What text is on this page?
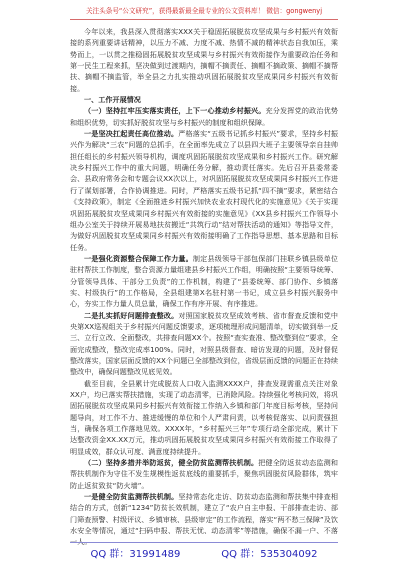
关注头条号“公文研究”，获得最新最全最专业的公文资料库！ 微信：gongwenyj

今年以来，我县深入贯彻落实XXX关于稳固拓展脱贫攻坚成果与乡村振兴有效衔接的系列重要讲话精神，以压力不减、力度不减、热情不减的精神状态自我加压，乘势而上，一以贯之推稳固拓展脱贫攻坚成果与乡村振兴有效衔接作为重要政治任务和第一民生工程来抓，坚决做到过渡期内，摘帽不摘责任、摘帽不摘政策、摘帽不摘帮扶、摘帽不摘监管，举全县之力扎实推动巩固拓展脱贫攻坚成果同乡村振兴有效衔接。

一、工作开展情况

（一）坚持扛牢压实落实责任，上下一心推动乡村振兴。充分发挥党的政治优势和组织优势，切实抓好脱贫攻坚与乡村振兴的制度和组织保障。

一是坚决扛起责任高位推动。严格落实“五级书记抓乡村振兴”要求，坚持乡村振兴作为解决“三农”问题的总抓手，在全面率先成立了以县四大班子主要领导亲自挂帅担任组长的乡村振兴领导机构，调度巩固拓展脱贫攻坚成果和乡村振兴工作。研究解决乡村振兴工作中的重大问题，明确任务分解，推动责任落实。先后召开县委常委会、县政府常务会和专题会议XX次以上，对巩固拓展脱贫攻坚成果同乡村振兴工作进行了谋划部署，合作协调推进。同时，严格落实五级书记抓“四不摘”要求，紧密结合《支持政策》，制定《全面推进乡村振兴加快农业农村现代化的实施意见》《关于实现巩固拓展脱贫攻坚成果同乡村振兴有效衔接的实施意见》《XX县乡村振兴工作领导小组办公室关于持续开展易地扶贫搬迁“共筑行动”结对帮扶活动的通知》等指导文件，为做好巩固脱贫攻坚成果同乡村振兴有效衔接明确了工作指导思想、基本思路和目标任务。

一是强化资源整合保障工作力量。制定县级领导干部包保部门挂联乡镇县级单位驻村帮扶工作制度，整合资源力量组建县乡村振兴工作组，明确按照“主要领导统筹、分管领导具体、干部分工负责”的工作机制，构建了“县委统筹、部门协作、乡镇落实、村级执行”的工作格局，全县组建第X名驻村第一书记，成立县乡村振兴服务中心，夯实工作力量人员总量，确保工作有序开展、有序推进。

二是扎实抓好问题排查整改。对照国家脱贫攻坚成效考核、省市督查反馈和党中央第XX巡视组关于乡村振兴问题反馈要求，逐项梳理形成问题清单，切实做到举一反三、立行立改、全面整改，共排查问题XX个。按照“查实查准、整改整到位”要求，全面完成整改，整改完成率100%。同时，对照县级督查、暗访发现的问题，及时督促整改落实，国家层面反馈的XX个问题已全部整改到位，省级层面反馈的问题正在持续整改中，确保问题整改见底见效。

截至目前，全县累计完成脱贫人口收入监测XXXX户，排查发现需重点关注对象XX户，均已落实帮扶措施，实现了动态清零，已消除风险。持续强化考核问效，将巩固拓展脱贫攻坚成果同乡村振兴有效衔接工作纳入乡镇和部门年度目标考核，坚持问题导向，对工作不力、推进缓慢的单位和个人严肃问责，以考核促落实、以问责强担当，确保各项工作落地见效。XXXX年，“乡村振兴三年”专项行动全部完成，累计下达整改资金XX.XX万元，推动巩固拓展脱贫攻坚成果同乡村振兴有效衔接工作取得了明显成效，群众认可度、满意度持续提升。

（二）坚持多措并举防返贫，健全防贫监测帮扶机制。把健全防返贫动态监测和帮扶机制作为守住不发生规模性返贫底线的重要抓手，聚焦巩固脱贫风险群体，筑牢防止返贫致贫“防火墙”。

一是健全防贫监测帮扶机制。坚持常态化走访、防贫动态监测和帮扶集中排查相结合的方式，创新“1234”防贫长效机制，建立了“农户自主申报、干部排查走访、部门筛查预警、村级评议、乡镇审核、县级审定”的工作流程，落实“两不愁三保障”及饮水安全等情况，通过“扫码申报、帮扶无忧、动态清零”等措施，确保不漏一户、不落一人。

QQ 群：31991489	QQ 群：535304092
